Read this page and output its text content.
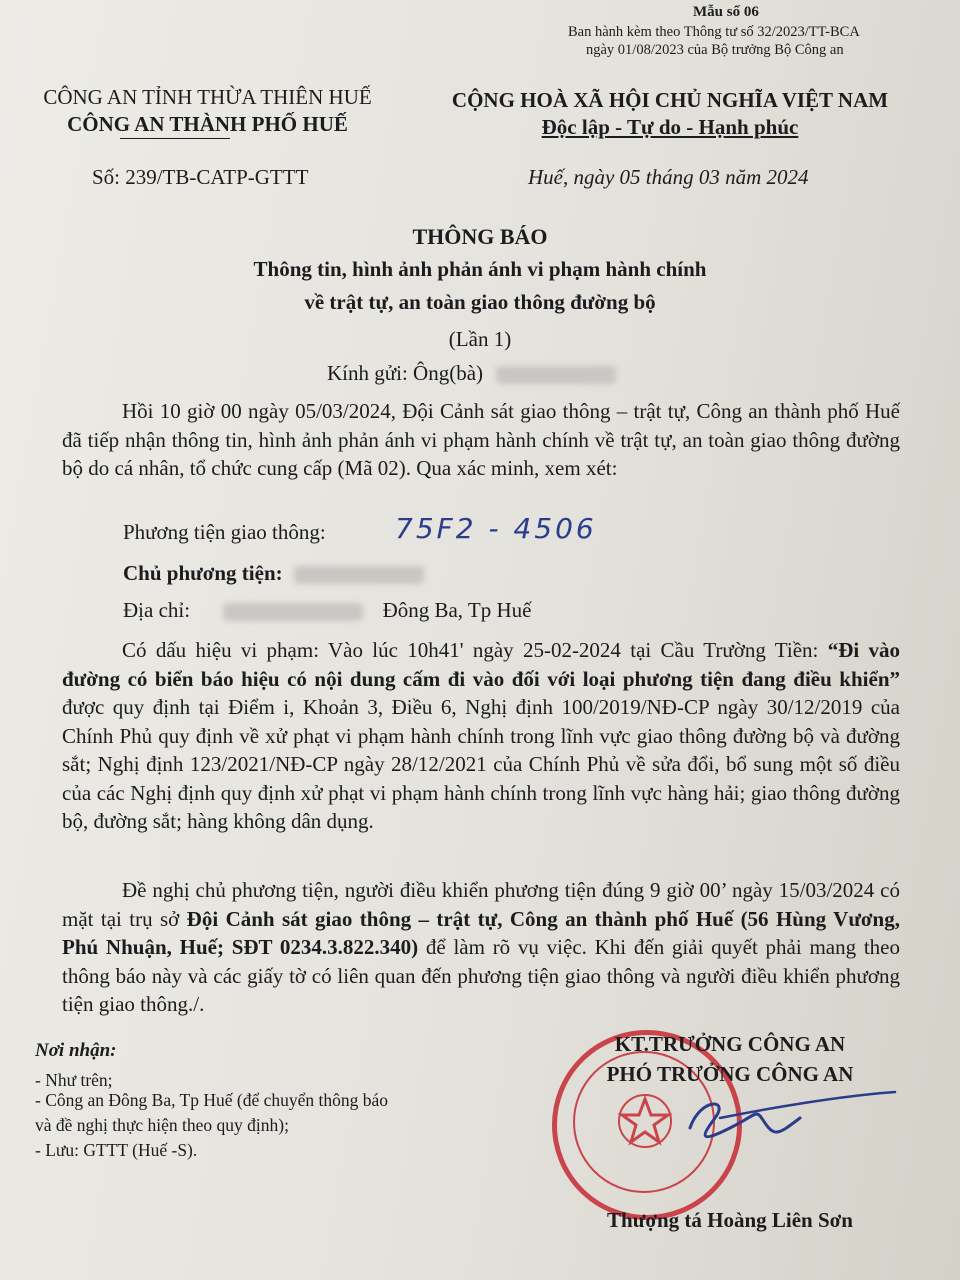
Mẫu số 06
Ban hành kèm theo Thông tư số 32/2023/TT-BCA
ngày 01/08/2023 của Bộ trưởng Bộ Công an
CÔNG AN TỈNH THỪA THIÊN HUẾ
CÔNG AN THÀNH PHỐ HUẾ
Số: 239/TB-CATP-GTTT
CỘNG HOÀ XÃ HỘI CHỦ NGHĨA VIỆT NAM
Độc lập - Tự do - Hạnh phúc
Huế, ngày 05 tháng 03 năm 2024
THÔNG BÁO
Thông tin, hình ảnh phản ánh vi phạm hành chính
về trật tự, an toàn giao thông đường bộ
(Lần 1)
Kính gửi: Ông(bà)
Hồi 10 giờ 00 ngày 05/03/2024, Đội Cảnh sát giao thông – trật tự, Công an thành phố Huế đã tiếp nhận thông tin, hình ảnh phản ánh vi phạm hành chính về trật tự, an toàn giao thông đường bộ do cá nhân, tổ chức cung cấp (Mã 02). Qua xác minh, xem xét:
Phương tiện giao thông: 75F2 - 4506
Chủ phương tiện:
Địa chỉ:	Đông Ba, Tp Huế
Có dấu hiệu vi phạm: Vào lúc 10h41' ngày 25-02-2024 tại Cầu Trường Tiền: “Đi vào đường có biển báo hiệu có nội dung cấm đi vào đối với loại phương tiện đang điều khiển” được quy định tại Điểm i, Khoản 3, Điều 6, Nghị định 100/2019/NĐ-CP ngày 30/12/2019 của Chính Phủ quy định về xử phạt vi phạm hành chính trong lĩnh vực giao thông đường bộ và đường sắt; Nghị định 123/2021/NĐ-CP ngày 28/12/2021 của Chính Phủ về sửa đổi, bổ sung một số điều của các Nghị định quy định xử phạt vi phạm hành chính trong lĩnh vực hàng hải; giao thông đường bộ, đường sắt; hàng không dân dụng.
Đề nghị chủ phương tiện, người điều khiển phương tiện đúng 9 giờ 00’ ngày 15/03/2024 có mặt tại trụ sở Đội Cảnh sát giao thông – trật tự, Công an thành phố Huế (56 Hùng Vương, Phú Nhuận, Huế; SĐT 0234.3.822.340) để làm rõ vụ việc. Khi đến giải quyết phải mang theo thông báo này và các giấy tờ có liên quan đến phương tiện giao thông và người điều khiển phương tiện giao thông./.
Nơi nhận:
- Như trên;
- Công an Đông Ba, Tp Huế (để chuyển thông báo
và đề nghị thực hiện theo quy định);
- Lưu: GTTT (Huế -S).
KT.TRƯỞNG CÔNG AN
PHÓ TRƯỞNG CÔNG AN
Thượng tá Hoàng Liên Sơn
